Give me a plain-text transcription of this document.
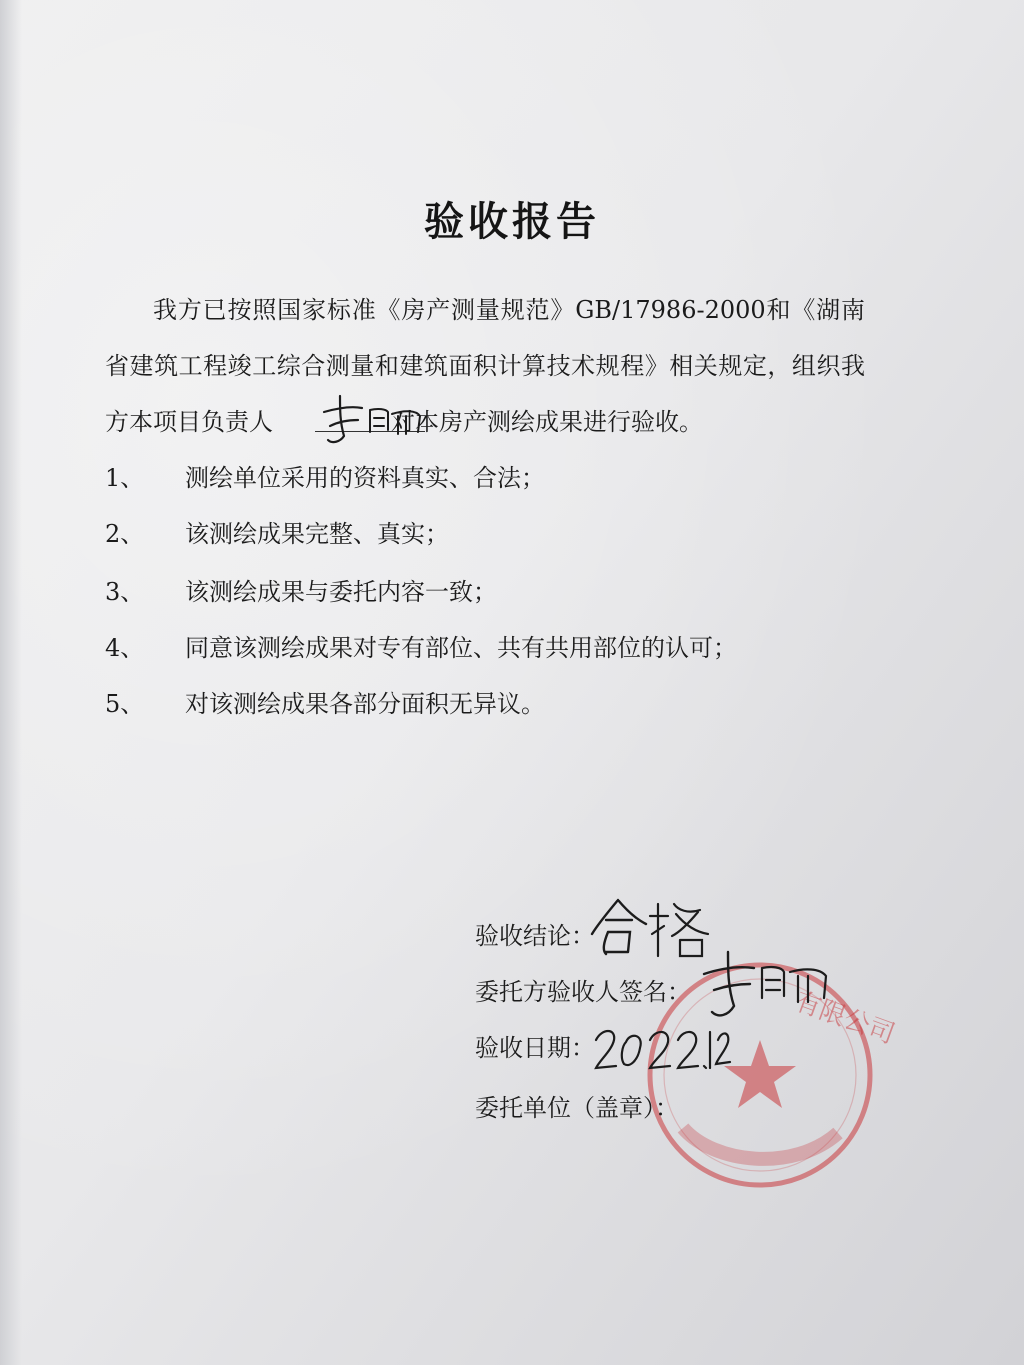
验收报告
我方已按照国家标准《房产测量规范》GB/17986-2000和《湖南省建筑工程竣工综合测量和建筑面积计算技术规程》相关规定，组织我方本项目负责人	对本房产测绘成果进行验收。
1、 测绘单位采用的资料真实、合法；
2、 该测绘成果完整、真实；
3、 该测绘成果与委托内容一致；
4、 同意该测绘成果对专有部位、共有共用部位的认可；
5、 对该测绘成果各部分面积无异议。
有限公司
验收结论：
委托方验收人签名：
验收日期：
委托单位（盖章）：
